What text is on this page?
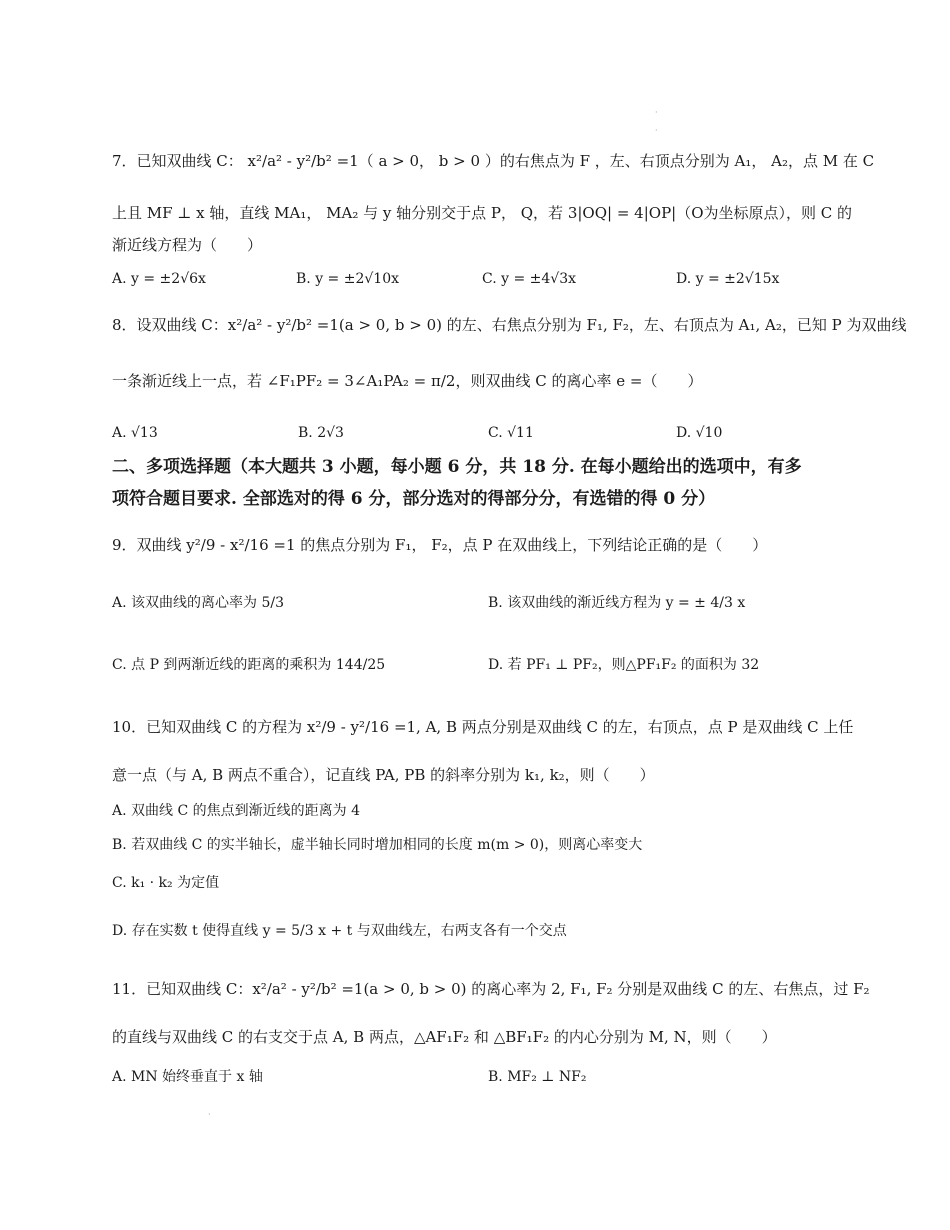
7．已知双曲线 C： x²/a² - y²/b² =1（ a > 0， b > 0 ）的右焦点为 F ，左、右顶点分别为 A₁， A₂，点 M 在 C
上且 MF ⊥ x 轴，直线 MA₁， MA₂ 与 y 轴分别交于点 P， Q，若 3|OQ| = 4|OP|（O为坐标原点），则 C 的
渐近线方程为（　　）
A. y = ±2√6x	B. y = ±2√10x	C. y = ±4√3x	D. y = ±2√15x
8．设双曲线 C：x²/a² - y²/b² =1(a > 0, b > 0) 的左、右焦点分别为 F₁, F₂，左、右顶点为 A₁, A₂，已知 P 为双曲线
一条渐近线上一点，若 ∠F₁PF₂ = 3∠A₁PA₂ = π/2，则双曲线 C 的离心率 e =（　　）
A. √13	B. 2√3	C. √11	D. √10
二、多项选择题（本大题共 3 小题，每小题 6 分，共 18 分. 在每小题给出的选项中，有多
项符合题目要求. 全部选对的得 6 分，部分选对的得部分分，有选错的得 0 分）
9．双曲线 y²/9 - x²/16 =1 的焦点分别为 F₁， F₂，点 P 在双曲线上，下列结论正确的是（　　）
A. 该双曲线的离心率为 5/3	B. 该双曲线的渐近线方程为 y = ± 4/3 x
C. 点 P 到两渐近线的距离的乘积为 144/25	D. 若 PF₁ ⊥ PF₂，则△PF₁F₂ 的面积为 32
10．已知双曲线 C 的方程为 x²/9 - y²/16 =1, A, B 两点分别是双曲线 C 的左，右顶点，点 P 是双曲线 C 上任
意一点（与 A, B 两点不重合），记直线 PA, PB 的斜率分别为 k₁, k₂，则（　　）
A. 双曲线 C 的焦点到渐近线的距离为 4
B. 若双曲线 C 的实半轴长，虚半轴长同时增加相同的长度 m(m > 0)，则离心率变大
C. k₁ · k₂ 为定值
D. 存在实数 t 使得直线 y = 5/3 x + t 与双曲线左，右两支各有一个交点
11．已知双曲线 C：x²/a² - y²/b² =1(a > 0, b > 0) 的离心率为 2, F₁, F₂ 分别是双曲线 C 的左、右焦点，过 F₂
的直线与双曲线 C 的右支交于点 A, B 两点，△AF₁F₂ 和 △BF₁F₂ 的内心分别为 M, N，则（　　）
A. MN 始终垂直于 x 轴	B. MF₂ ⊥ NF₂
·
·
·
